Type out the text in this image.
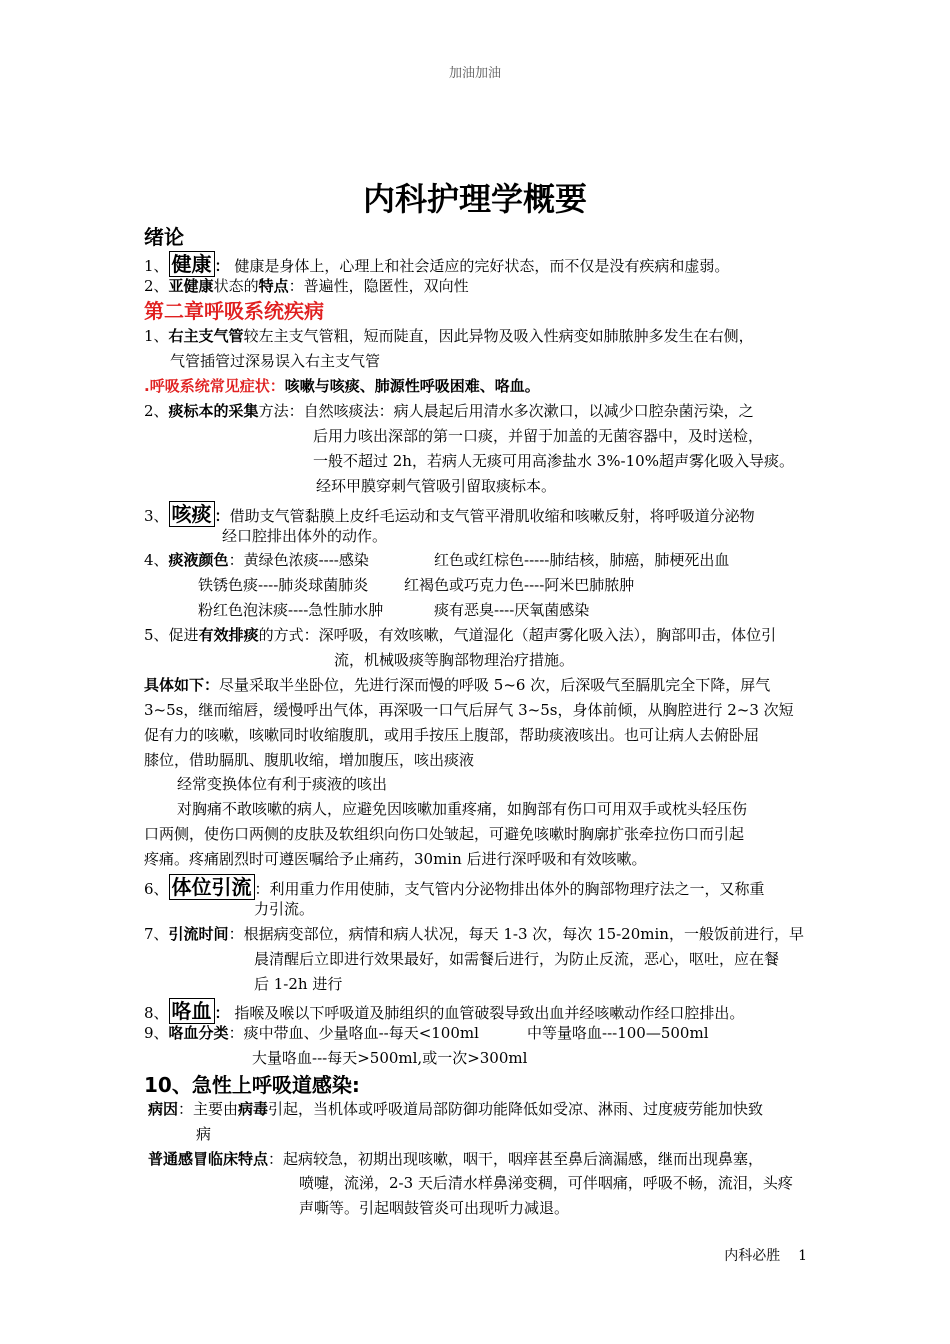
加油加油
内科护理学概要
绪论
1、 健康 ： 健康是身体上，心理上和社会适应的完好状态，而不仅是没有疾病和虚弱。
2、亚健康状态的特点：普遍性，隐匿性，双向性
第二章呼吸系统疾病
1、右主支气管较左主支气管粗，短而陡直，因此异物及吸入性病变如肺脓肿多发生在右侧，
气管插管过深易误入右主支气管
.呼吸系统常见症状：咳嗽与咳痰、肺源性呼吸困难、咯血。
2、痰标本的采集方法：自然咳痰法：病人晨起后用清水多次漱口，以减少口腔杂菌污染，之
后用力咳出深部的第一口痰，并留于加盖的无菌容器中，及时送检，
一般不超过 2h，若病人无痰可用高渗盐水 3%-10%超声雾化吸入导痰。
经环甲膜穿刺气管吸引留取痰标本。
3、 咳痰 ：借助支气管黏膜上皮纤毛运动和支气管平滑肌收缩和咳嗽反射，将呼吸道分泌物
经口腔排出体外的动作。
4、痰液颜色：黄绿色浓痰----感染	红色或红棕色-----肺结核，肺癌，肺梗死出血
铁锈色痰----肺炎球菌肺炎 红褐色或巧克力色----阿米巴肺脓肿
粉红色泡沫痰----急性肺水肿	痰有恶臭----厌氧菌感染
5、促进有效排痰的方式：深呼吸，有效咳嗽，气道湿化（超声雾化吸入法），胸部叩击，体位引
流，机械吸痰等胸部物理治疗措施。
具体如下：尽量采取半坐卧位，先进行深而慢的呼吸 5~6 次，后深吸气至膈肌完全下降，屏气
3~5s，继而缩唇，缓慢呼出气体，再深吸一口气后屏气 3~5s，身体前倾，从胸腔进行 2~3 次短
促有力的咳嗽，咳嗽同时收缩腹肌，或用手按压上腹部，帮助痰液咳出。也可让病人去俯卧屈
膝位，借助膈肌、腹肌收缩，增加腹压，咳出痰液
经常变换体位有利于痰液的咳出
对胸痛不敢咳嗽的病人，应避免因咳嗽加重疼痛，如胸部有伤口可用双手或枕头轻压伤
口两侧，使伤口两侧的皮肤及软组织向伤口处皱起，可避免咳嗽时胸廓扩张牵拉伤口而引起
疼痛。疼痛剧烈时可遵医嘱给予止痛药，30min 后进行深呼吸和有效咳嗽。
6、 体位引流 ：利用重力作用使肺，支气管内分泌物排出体外的胸部物理疗法之一，又称重
力引流。
7、引流时间：根据病变部位，病情和病人状况，每天 1-3 次，每次 15-20min，一般饭前进行，早
晨清醒后立即进行效果最好，如需餐后进行，为防止反流，恶心，呕吐，应在餐
后 1-2h 进行
8、 咯血 ： 指喉及喉以下呼吸道及肺组织的血管破裂导致出血并经咳嗽动作经口腔排出。
9、咯血分类：痰中带血、少量咯血--每天<100ml	中等量咯血---100—500ml
大量咯血---每天>500ml,或一次>300ml
10、急性上呼吸道感染:
病因：主要由病毒引起，当机体或呼吸道局部防御功能降低如受凉、淋雨、过度疲劳能加快致
病
普通感冒临床特点：起病较急，初期出现咳嗽，咽干，咽痒甚至鼻后滴漏感，继而出现鼻塞，
喷嚏，流涕，2-3 天后清水样鼻涕变稠，可伴咽痛，呼吸不畅，流泪，头疼
声嘶等。引起咽鼓管炎可出现听力减退。
内科必胜 1
